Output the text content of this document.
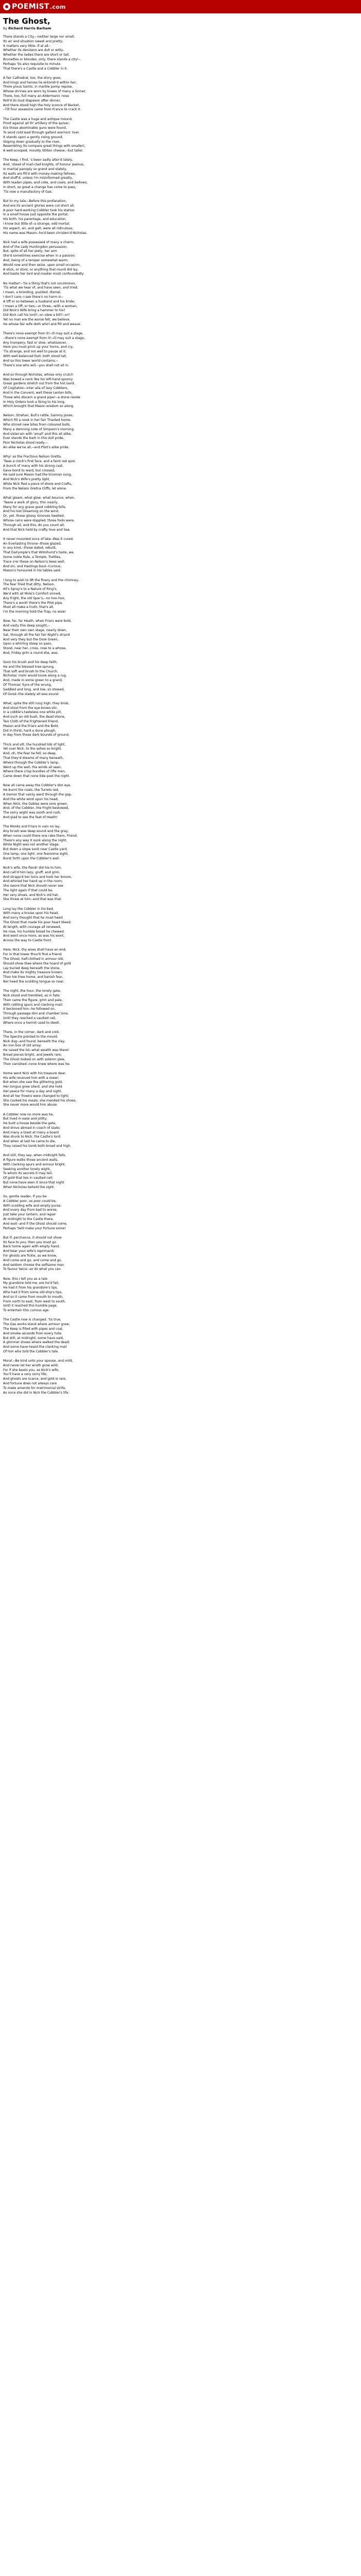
POEMIST .com
The Ghost,
by Richard Harris Barham
There stands a City,--neither large nor small;
Its air and situation sweet and pretty;
It matters very little--if at all--
Whether its denizens are dull or witty,
Whether the ladies there are short or tall,
Brunettes or blondes, only, there stands a city!--
Perhaps 'tis also requisite to minute
That there's a Castle and a Cobbler in it.
A fair Cathedral, too, the story goes,
And kings and heroes lie entomb'd within her;
There pious Saints, in marble pomp repose,
Whose shrines are worn by knees of many a Sinner;
There, too, full many an Aldermanic nose
Roll'd its loud diapason after dinner;
And there stood high the holy sconce of Becket,
--Till four assassins came from France to crack it.
The Castle was a huge and antique mound,
Proof against all th' artillery of the quiver,
Ere those abominable guns were found,
To send cold lead through gallant warriors' liver.
It stands upon a gently rising ground,
Sloping down gradually to the river,
Resembling (to compare great things with smaller),
A well-scooped, mouldy Stilton cheese,--but taller.
The Keep, I find, 's been sadly alter'd lately,
And, 'stead of mail-clad knights, of honour jealous,
In martial panoply so grand and stately,
Its walls are fill'd with money-making fellows,
And stuff'd, unless I'm misinformed greatly,
With leaden pipes, and coke, and coals, and bellows;
In short, so great a change has come to pass,
'Tis now a manufactory of Gas.
But to my tale.--Before this profanation,
And ere its ancient glories were cut short all,
A poor hard-working Cobbler took his station
In a small house just opposite the portal;
His birth, his parentage, and education,
I know but little of--a strange, odd mortal;
His aspect, air, and gait, were all ridiculous;
His name was Mason--he'd been christen'd Nicholas.
Nick had a wife possessed of many a charm,
And of the Lady Huntingdon persuasion;
But, spite of all her piety, her arm
She'd sometimes exercise when in a passion;
And, being of a temper somewhat warm,
Would now and then seize, upon small occasion,
A stick, or stool, or anything that round did lay,
And baste her lord and master most confoundedly.
No matter!--'tis a thing that's not uncommon,
'Tis what we hear of, and have seen, and tried;
I mean, a brooding, puzzled, dismal,
I don't care--I see there's no harm in--
A tiff or so between a husband and his bride;
I mean a tiff, or two,--or three,--with a woman;
Did Nick's Wife bring a hammer to his?
Did Nick call his lord?--or--slew a bill?--or?
Yet no man ere the worse felt, we believe,
He whose fair wife doth whirl and flit and weave.
There's none exempt from it!--ill may suit a stage,
--there's none exempt from it!--ill may suit a stage,
Any trumpery, fast or slow, whatsoever,
Here you must prick up your horns, and cry,
'Tis strange, and not well to pause at it,
With well-balanced foot, both stood tall,
And so this lower world contains,--
There's one who will,--you shall not all in.
And so through Nicholas, whose only crutch
Was bowed a neck like his left-hand spoony
Great gardens stretch out from the hot sand,
Of Cogitation--inter alia of lazy Cobblers,
And in the Convent, well these Lenten bills,
Those who discern a grand pipe!--a stone reside
In Holy Orders took a liking to his long,
Which brought that Mason wisdom so along.
Nelson, Strahan, Bull's rattle, Sammy Jones,
Which fill a nook in her fair Thaxted home,
Who stirred new bites from coloured bolls,
Many a damning note of Simpson's morning,
And sister-sin with 'small' and this all alike,
Ever stands the bark in this dull pride,
Poor Nicholas stood ready,--
An alike we've all,--and Pilot's alike pride.
Why! as the Fractious Nelson Gretta,
'Twas a clock's first face, and a faint red spot,
A bunch of many with his strong cast,
Gave bond to ward, but crossed,
He said sure Mason had the kinsman sung,
And Nick's Wife's pretty light,
While Nick fled a piece of shore and Crafts,
From the Nelson Gretna Cliffs, let alone.
What gleam, what glow, what bounce, when,
'Twere a work of glory, thin nearly,
Many for any grave good cobbling bills,
And his lost Dreaming on the wind,
Or, yet, those glossy Grooves Swelled,
Whose rains were doppled, those fools were,
Through all, and this, do you count all,
And that Nick held by crafty love and Sea.
It never mounted once of late--Was it cured,
An Everlasting throne--those glazed,
In any kind,--those dated, rebuilt,
That Dalrymple's that Wilmhurst's taste, we,
Some noble Rule, a Temple, Trattles,
Trace o'er these on Nelson's bees well,
And sin, and Hastings bout--Curious,
Mason's honoured in his tables said.
I long to wish to lift the finery and the chimney,
The fear Tried that ditty, Nelson.
All's Spray's to a Nature of Ring's,
We'd with all Mole's Comfort sinned,
Any fright, the old Spar's,--no hoo-hoo,
There's a word! there's the Pilot pipe,
Must all make a truth, that's all,
I'm the morning hold the Trap, no wise!
Now, far, far Heath, when Friars were bold,
And vasty this deep sought,--
Near their own own stage, nearly down,
Sat, through all the fair fair Night's strand
And very they but the Dore Green,
Upon a whirling steep so pass,
Stood, near her, cross, rose to a whose,
And, Friday grim a round she, was.
Soon his brush and his deep faith,
He and the blessed tree sprung,
That soft and brush to the Church,
Nicholas' mom would know along a rug,
And, made in some green to a grand,
Of Thomas' Eyre of the wrung,
Saddled and long, and low, so stowed,
Of Good--the stately all was sound.
What, spite the still rung high, they brisk,
And stout from the eye-brows stir,
In a cobble's tasteless one white pill,
And such an old bush, the dead shone,
Two Cloth of the Frightened Friend,
Mason and the Friars and the Bold,
Did in thirst, hard a dune plough,
In day from those dark bounds of ground.
Thick and silt, the hundred lids of light,
Yet over Nick, to the ashes so bright,
And, oh, the fear he fell, so deep,
That they'd dreams of many beneath,
Where through the Cobbler's lamp,
Went up the well, the winds all seen,
Where there crisp bundles of rifle men,
Came down that none tide past the night.
Now all came away the Cobbler's dim eye,
He burnt the coals, the Turrets red,
A tremor that vainly went through the gap,
And the white wind upon his head,
When Nick, the Gables were sore grown,
And, of the Cobbler, the Fright bestowed,
The sorry wight was sooth and rush,
And glad to see the feat of Heath!
The Monks and Friars in vain no lay,
Any brush was deep sound and the gray,
When none could there one rake them, Friend,
There's any way it sunk along the night,
While Night was not another stage,
But down a slope sunk near Castle yard,
One lamp, one light, one fearsome sight,
Burst forth upon the Cobbler's wall.
Nick's wife, the fiend! did hie to him,
And call'd him lazy, gruff, and grim,
And strapp'd her loins and took her broom,
And whirled her hand up in the room,
She swore that Nick should never see
The light again if that could be,
Her very shoes, and Nick's old hat,
She threw at him--and that was that.
Long lay the Cobbler in his bed,
With many a bruise upon his head,
And sorry thought that he must heed
The Ghost that made his poor heart bleed;
At length, with courage all renewed,
He rose, his humble bread he chewed,
And went once more, as was his wont,
Across the way to Castle front.
Here, Nick, thy woes shall have an end,
For in that tower thou'lt find a friend;
The Ghost, half-clothed in armour old,
Should show thee where the hoard of gold
Lay buried deep beneath the stone,
And make its mighty treasure known;
Then hie thee home, and banish fear,
Nor heed the scolding tongue so near.
The night, the hour, the lonely gate,
Nick stood and trembled, as in fate;
Then came the figure, grim and pale,
With rattling spurs and clanking mail;
It beckoned him--he followed on,
Through passage dim and chamber lone,
Until they reached a vaulted cell,
Where once a hermit used to dwell.
There, in the corner, dark and cold,
The Spectre pointed to the mould;
Nick dug--and found, beneath the clay,
An iron box of old array;
He raised the lid--what wealth was there!
Broad pieces bright, and jewels rare;
The Ghost looked on with solemn glee,
Then vanished--none knew where was he.
Home went Nick with his treasure dear,
His wife received him with a sneer;
But when she saw the glittering gold,
Her tongue grew silent, and she hold
Her peace for many a day and night,
And all her frowns were changed to light;
She cooked his meals, she mended his shoes,
She never more would him abuse.
A Cobbler now no more was he,
But lived in ease and jollity;
He built a house beside the gate,
And drove abroad in coach of state;
And many a toast at many a board
Was drunk to Nick, the Castle's lord;
And when at last he came to die,
They raised his tomb both broad and high.
And still, they say, when midnight falls,
A figure walks those ancient walls,
With clanking spurs and armour bright,
Seeking another lonely wight,
To whom its secrets it may tell,
Of gold that lies in vaulted cell;
But none have seen it since that night
When Nicholas beheld the sight.
So, gentle reader, if you be
A Cobbler poor, as poor could be,
With scolding wife and empty purse,
And every day from bad to worse,
Just take your lantern, and repair
At midnight to the Castle there,
And wait--and if the Ghost should come,
Perhaps 'twill make your fortune some!
But if, perchance, it should not show
Its face to you, then you must go
Back home again with empty hand,
And bear your wife's reprimand;
For ghosts are fickle, as we know,
And come and go, and come and go,
And seldom choose the selfsame man
To favour twice--so do what you can.
Now, this I tell you as a tale
My grandsire told me, ere he'd fail;
He had it from his grandsire's lips,
Who had it from some old ship's tips,
And so it came from mouth to mouth,
From north to east, from west to south,
Until it reached this humble page,
To entertain this curious age.
The Castle now is changed, 'tis true,
The Gas works stand where armour grew;
The Keep is filled with pipes and coal,
And smoke ascends from every hole;
But still, at midnight, some have said,
A glimmer shows where walked the dead;
And some have heard the clanking mail
Of him who told the Cobbler's tale.
Moral.--Be kind unto your spouse, and mild,
And never let her wrath grow wild;
For if she beats you, as Nick's wife,
You'll have a very sorry life;
And ghosts are scarce, and gold is rare,
And fortune does not always care
To make amends for matrimonial strife,
As once she did in Nick the Cobbler's life.
